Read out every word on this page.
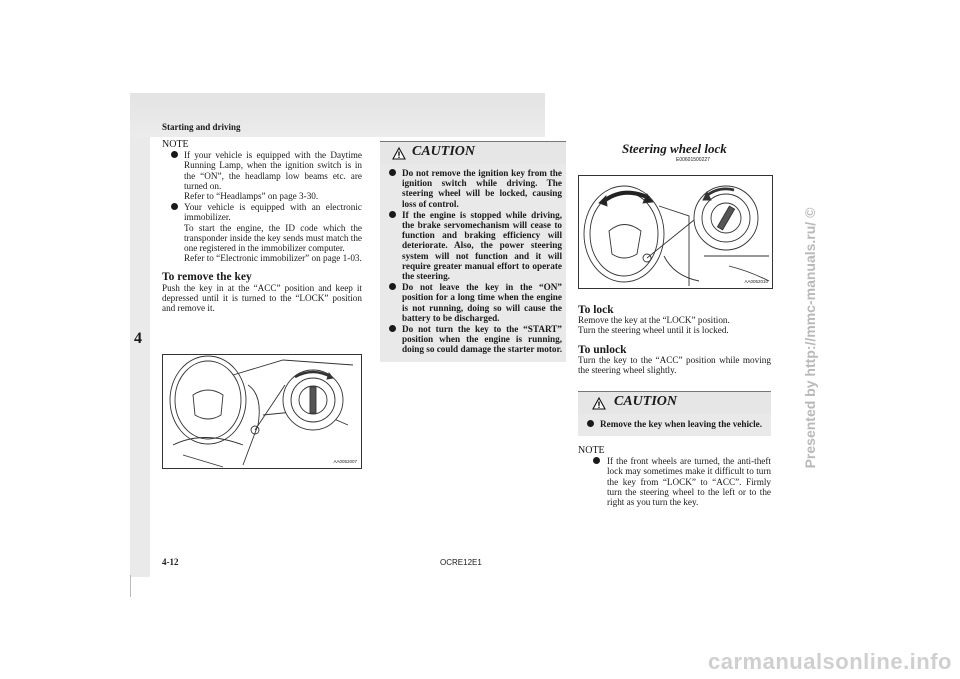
Starting and driving
4
NOTE
If your vehicle is equipped with the Daytime Running Lamp, when the ignition switch is in the “ON”, the headlamp low beams etc. are turned on.
Refer to “Headlamps” on page 3-30.
Your vehicle is equipped with an electronic immobilizer.
To start the engine, the ID code which the transponder inside the key sends must match the one registered in the immobilizer computer.
Refer to “Electronic immobilizer” on page 1-03.
To remove the key
Push the key in at the “ACC” position and keep it depressed until it is turned to the “LOCK” position and remove it.
AA0052007
CAUTION
Do not remove the ignition key from the ignition switch while driving. The steering wheel will be locked, causing loss of control.
If the engine is stopped while driving, the brake servomechanism will cease to function and braking efficiency will deteriorate. Also, the power steering system will not function and it will require greater manual effort to operate the steering.
Do not leave the key in the “ON” position for a long time when the engine is not running, doing so will cause the battery to be discharged.
Do not turn the key to the “START” position when the engine is running, doing so could damage the starter motor.
Steering wheel lock
E00601500227
AA0052010
To lock
Remove the key at the “LOCK” position.
Turn the steering wheel until it is locked.
To unlock
Turn the key to the “ACC” position while moving the steering wheel slightly.
CAUTION
Remove the key when leaving the vehicle.
NOTE
If the front wheels are turned, the anti-theft lock may sometimes make it difficult to turn the key from “LOCK” to “ACC”. Firmly turn the steering wheel to the left or to the right as you turn the key.
4-12	OCRE12E1
Presented by http://mmc-manuals.ru/ ©
carmanualsonline.info
